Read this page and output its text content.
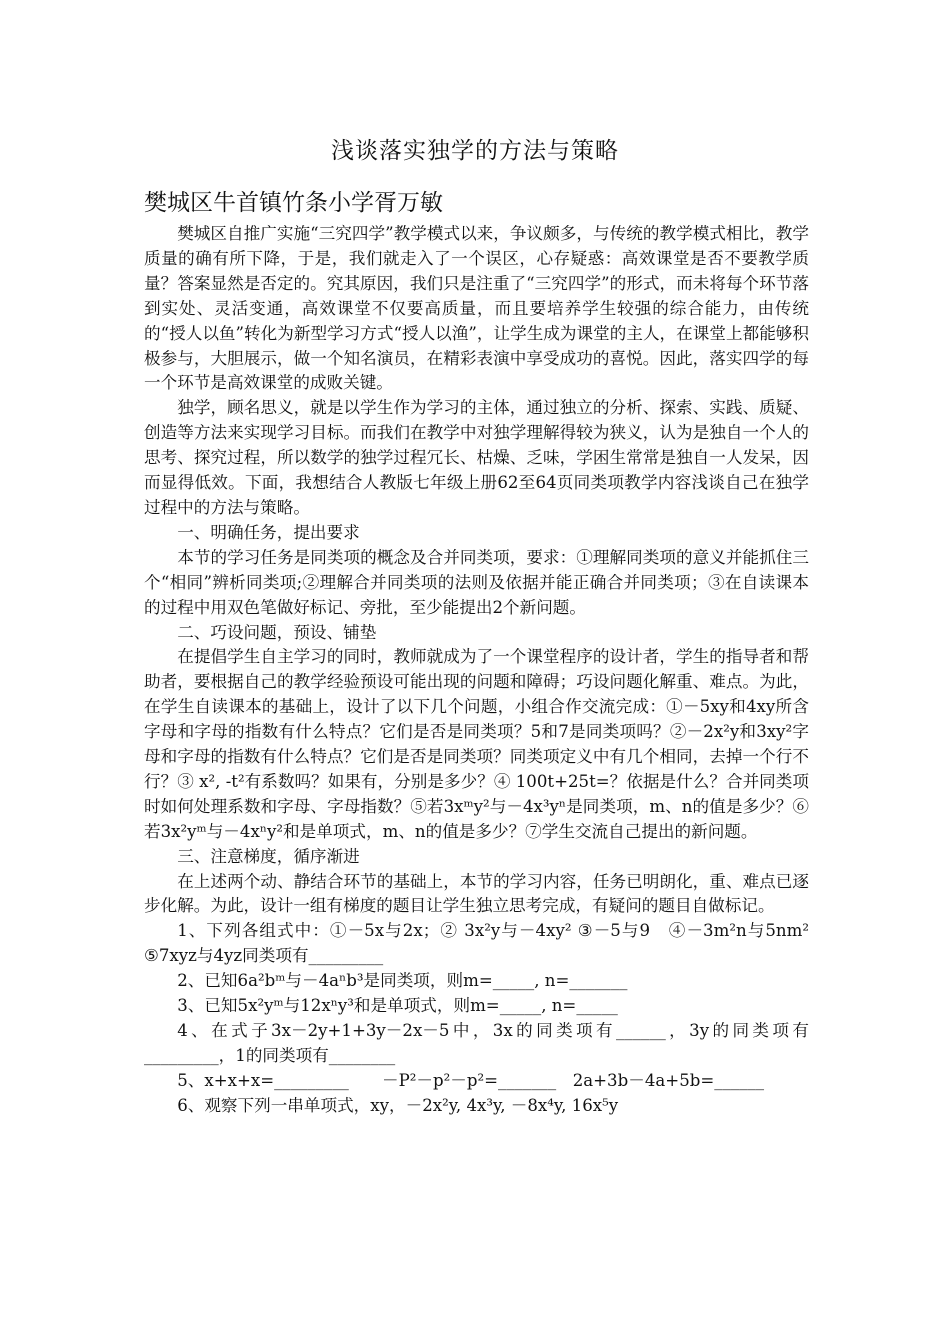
浅谈落实独学的方法与策略
樊城区牛首镇竹条小学胥万敏

樊城区自推广实施“三究四学”教学模式以来，争议颇多，与传统的教学模式相比，教学质量的确有所下降，于是，我们就走入了一个误区，心存疑惑：高效课堂是否不要教学质量？答案显然是否定的。究其原因，我们只是注重了“三究四学”的形式，而未将每个环节落到实处、灵活变通，高效课堂不仅要高质量，而且要培养学生较强的综合能力，由传统的“授人以鱼”转化为新型学习方式“授人以渔”，让学生成为课堂的主人，在课堂上都能够积极参与，大胆展示，做一个知名演员，在精彩表演中享受成功的喜悦。因此，落实四学的每一个环节是高效课堂的成败关键。

独学，顾名思义，就是以学生作为学习的主体，通过独立的分析、探索、实践、质疑、创造等方法来实现学习目标。而我们在教学中对独学理解得较为狭义，认为是独自一个人的思考、探究过程，所以数学的独学过程冗长、枯燥、乏味，学困生常常是独自一人发呆，因而显得低效。下面，我想结合人教版七年级上册62至64页同类项教学内容浅谈自己在独学过程中的方法与策略。

一、明确任务，提出要求

本节的学习任务是同类项的概念及合并同类项，要求：①理解同类项的意义并能抓住三个“相同”辨析同类项;②理解合并同类项的法则及依据并能正确合并同类项；③在自读课本的过程中用双色笔做好标记、旁批，至少能提出2个新问题。

二、巧设问题，预设、铺垫

在提倡学生自主学习的同时，教师就成为了一个课堂程序的设计者，学生的指导者和帮助者，要根据自己的教学经验预设可能出现的问题和障碍；巧设问题化解重、难点。为此，在学生自读课本的基础上，设计了以下几个问题，小组合作交流完成：①－5xy和4xy所含字母和字母的指数有什么特点？它们是否是同类项？5和7是同类项吗？②－2x²y和3xy²字母和字母的指数有什么特点？它们是否是同类项？同类项定义中有几个相同，去掉一个行不行？③ x², -t²有系数吗？如果有，分别是多少？④ 100t+25t=？依据是什么？合并同类项时如何处理系数和字母、字母指数？⑤若3xᵐy²与－4x³yⁿ是同类项，m、n的值是多少？⑥若3x²yᵐ与－4xⁿy²和是单项式，m、n的值是多少？⑦学生交流自己提出的新问题。

三、注意梯度，循序渐进

在上述两个动、静结合环节的基础上，本节的学习内容，任务已明朗化，重、难点已逐步化解。为此，设计一组有梯度的题目让学生独立思考完成，有疑问的题目自做标记。

1、下列各组式中：①－5x与2x；② 3x²y与－4xy² ③－5与9　④－3m²n与5nm² ⑤7xyz与4yz同类项有_________

2、已知6a²bᵐ与－4aⁿb³是同类项，则m=_____, n=_______

3、已知5x²yᵐ与12xⁿy³和是单项式，则m=_____, n=_____

4、在式子3x－2y+1+3y－2x－5中，3x的同类项有______，3y的同类项有_________，1的同类项有________

5、x+x+x=_________　　－P²－p²－p²=_______　2a+3b－4a+5b=______

6、观察下列一串单项式，xy，－2x²y, 4x³y, －8x⁴y, 16x⁵y
